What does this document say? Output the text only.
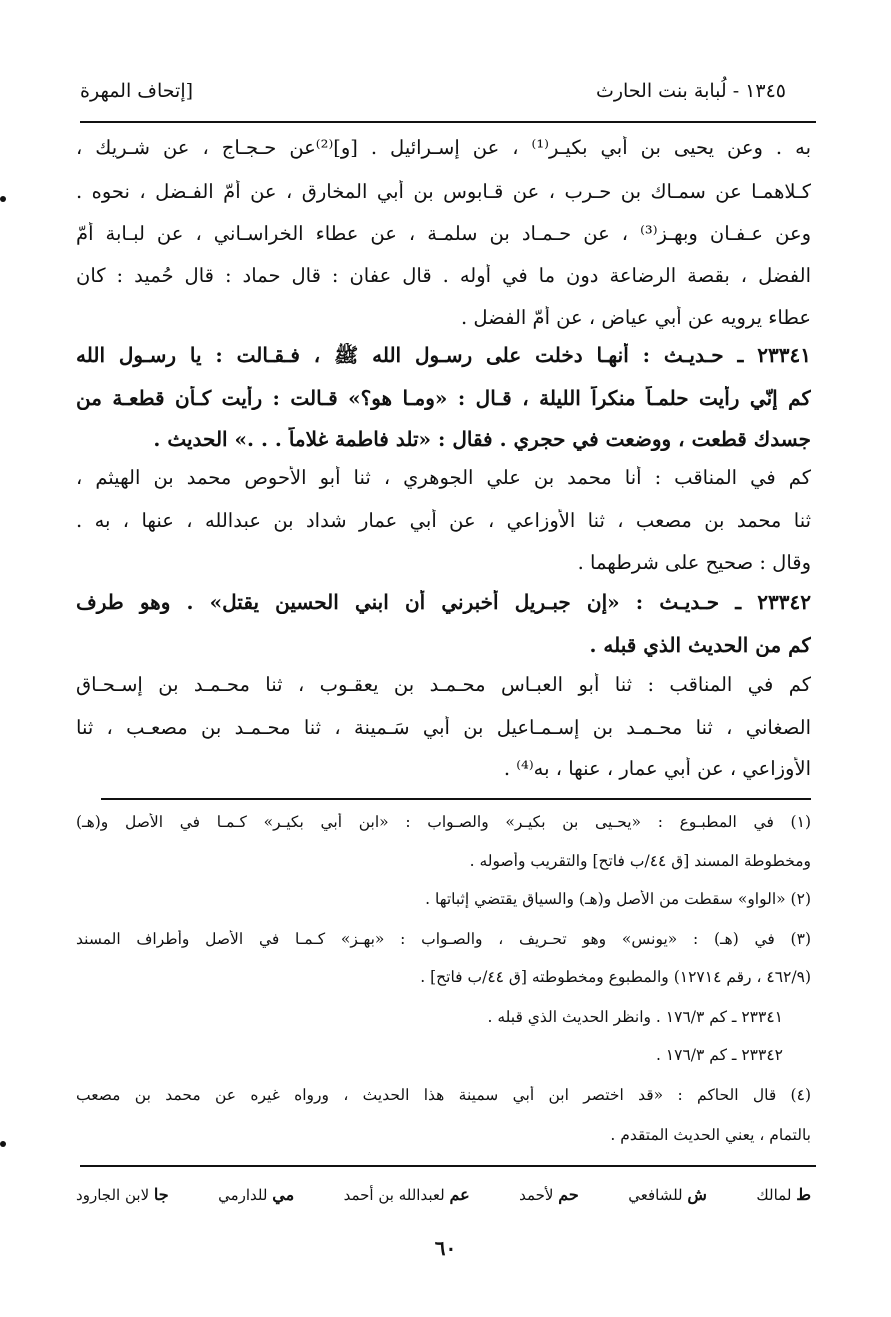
١٣٤٥ - لُبابة بنت الحارث
[إتحاف المهرة
به . وعن يحيى بن أبي بكيـر⁽¹⁾ ، عن إسـرائيل . [و]⁽²⁾عن حـجـاج ، عن شـريك ،
كـلاهمـا عن سمـاك بن حـرب ، عن قـابوس بن أبي المخارق ، عن أمّ الفـضل ، نحوه .
وعن عـفـان وبهـز⁽³⁾ ، عن حـمـاد بن سلمـة ، عن عطاء الخراسـاني ، عن لبـابة أمّ
الفضل ، بقصة الرضاعة دون ما في أوله . قال عفان : قال حماد : قال حُميد : كان
عطاء يرويه عن أبي عياض ، عن أُمّ الفضل .
٢٣٣٤١ ـ حـديـث : أنهـا دخلت على رسـول الله ﷺ ، فـقـالت : يا رسـول الله
كم إنّي رأيت حلمـاً منكراً الليلة ، قـال : «ومـا هو؟» قـالت : رأيت كـأن قطعـة من
جسدك قطعت ، ووضعت في حجري . فقال : «تلد فاطمة غلاماً . . .» الحديث .
كم في المناقب : أنا محمد بن علي الجوهري ، ثنا أبو الأحوص محمد بن الهيثم ،
ثنا محمد بن مصعب ، ثنا الأوزاعي ، عن أبي عمار شداد بن عبدالله ، عنها ، به .
وقال : صحيح على شرطهما .
٢٣٣٤٢ ـ حـديـث : «إن جبـريل أخبرني أن ابني الحسين يقتل» . وهو طرف
كم من الحديث الذي قبله .
كم في المناقب : ثنا أبو العبـاس محـمـد بن يعقـوب ، ثنا محـمـد بن إسـحـاق
الصغاني ، ثنا محـمـد بن إسـمـاعيل بن أبي سَـمينة ، ثنا محـمـد بن مصعـب ، ثنا
الأوزاعي ، عن أبي عمار ، عنها ، به⁽⁴⁾ .
(١) في المطبـوع : «يحـيى بن بكيـر» والصـواب : «ابن أبي بكيـر» كـمـا في الأصل و(هـ)
ومخطوطة المسند [ق ٤٤/ب فاتح] والتقريب وأصوله .
(٢) «الواو» سقطت من الأصل و(هـ) والسياق يقتضي إثباتها .
(٣) في (هـ) : «يونس» وهو تحـريف ، والصـواب : «بهـز» كـمـا في الأصل وأطراف المسند
(٤٦٢/٩ ، رقم ١٢٧١٤) والمطبوع ومخطوطته [ق ٤٤/ب فاتح] .
٢٣٣٤١ ـ كم ١٧٦/٣ . وانظر الحديث الذي قبله .
٢٣٣٤٢ ـ كم ١٧٦/٣ .
(٤) قال الحاكم : «قد اختصر ابن أبي سمينة هذا الحديث ، ورواه غيره عن محمد بن مصعب
بالتمام ، يعني الحديث المتقدم .
ط لمالك
ش للشافعي
حم لأحمد
عم لعبدالله بن أحمد
مي للدارمي
جا لابن الجارود
٦٠
